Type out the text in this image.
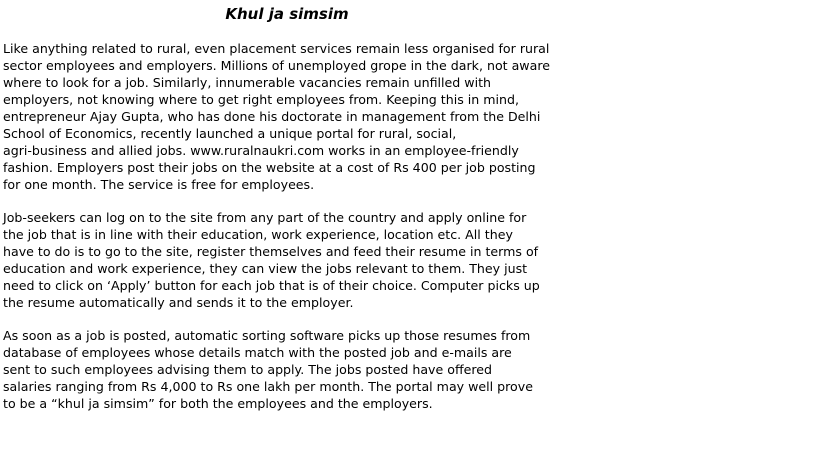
Khul ja simsim

Like anything related to rural, even placement services remain less organised for rural
sector employees and employers. Millions of unemployed grope in the dark, not aware
where to look for a job. Similarly, innumerable vacancies remain unfilled with
employers, not knowing where to get right employees from. Keeping this in mind,
entrepreneur Ajay Gupta, who has done his doctorate in management from the Delhi
School of Economics, recently launched a unique portal for rural, social,
agri-business and allied jobs. www.ruralnaukri.com works in an employee-friendly
fashion. Employers post their jobs on the website at a cost of Rs 400 per job posting
for one month. The service is free for employees.

Job-seekers can log on to the site from any part of the country and apply online for
the job that is in line with their education, work experience, location etc. All they
have to do is to go to the site, register themselves and feed their resume in terms of
education and work experience, they can view the jobs relevant to them. They just
need to click on ‘Apply’ button for each job that is of their choice. Computer picks up
the resume automatically and sends it to the employer.

As soon as a job is posted, automatic sorting software picks up those resumes from
database of employees whose details match with the posted job and e-mails are
sent to such employees advising them to apply. The jobs posted have offered
salaries ranging from Rs 4,000 to Rs one lakh per month. The portal may well prove
to be a “khul ja simsim” for both the employees and the employers.
